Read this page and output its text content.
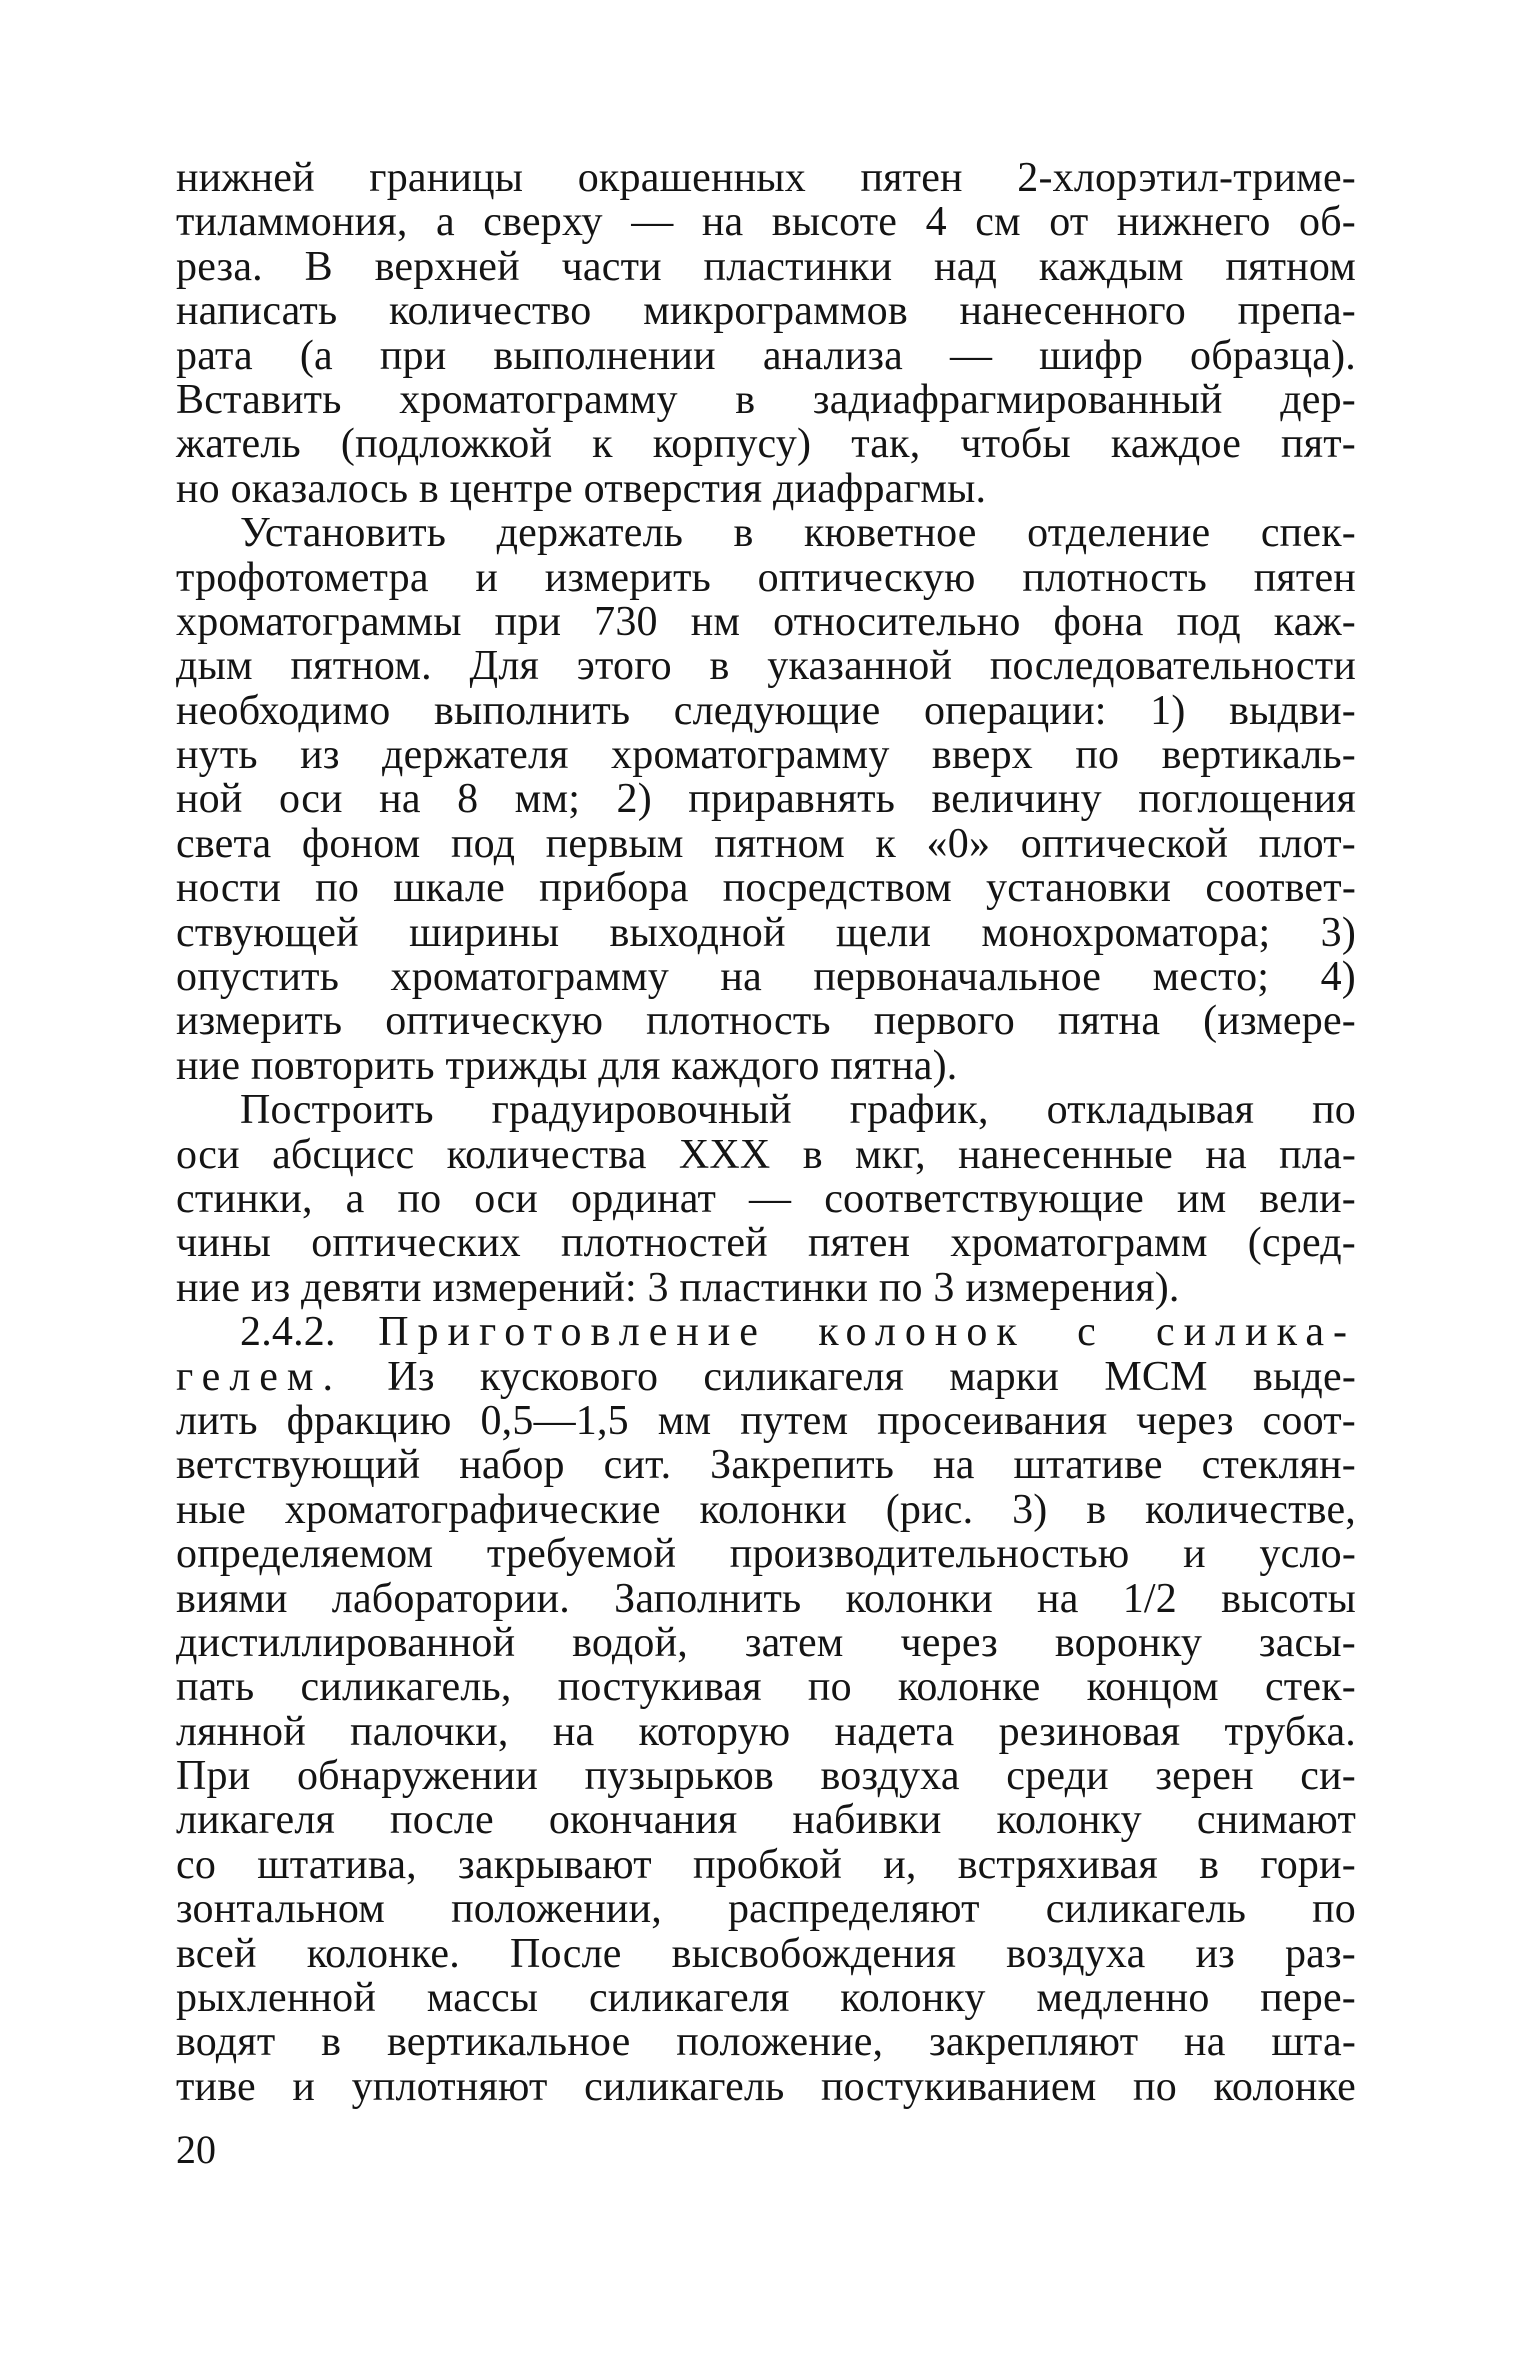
нижней границы окрашенных пятен 2-хлорэтил-триме-
тиламмония, а сверху — на высоте 4 см от нижнего об-
реза. В верхней части пластинки над каждым пятном
написать количество микрограммов нанесенного препа-
рата (а при выполнении анализа — шифр образца).
Вставить хроматограмму в задиафрагмированный дер-
жатель (подложкой к корпусу) так, чтобы каждое пят-
но оказалось в центре отверстия диафрагмы.
Установить держатель в кюветное отделение спек-
трофотометра и измерить оптическую плотность пятен
хроматограммы при 730 нм относительно фона под каж-
дым пятном. Для этого в указанной последовательности
необходимо выполнить следующие операции: 1) выдви-
нуть из держателя хроматограмму вверх по вертикаль-
ной оси на 8 мм; 2) приравнять величину поглощения
света фоном под первым пятном к «0» оптической плот-
ности по шкале прибора посредством установки соответ-
ствующей ширины выходной щели монохроматора; 3)
опустить хроматограмму на первоначальное место; 4)
измерить оптическую плотность первого пятна (измере-
ние повторить трижды для каждого пятна).
Построить градуировочный график, откладывая по
оси абсцисс количества XXX в мкг, нанесенные на пла-
стинки, а по оси ординат — соответствующие им вели-
чины оптических плотностей пятен хроматограмм (сред-
ние из девяти измерений: 3 пластинки по 3 измерения).
2.4.2. Приготовление колонок с силика-
гелем. Из кускового силикагеля марки МСМ выде-
лить фракцию 0,5—1,5 мм путем просеивания через соот-
ветствующий набор сит. Закрепить на штативе стеклян-
ные хроматографические колонки (рис. 3) в количестве,
определяемом требуемой производительностью и усло-
виями лаборатории. Заполнить колонки на 1/2 высоты
дистиллированной водой, затем через воронку засы-
пать силикагель, постукивая по колонке концом стек-
лянной палочки, на которую надета резиновая трубка.
При обнаружении пузырьков воздуха среди зерен си-
ликагеля после окончания набивки колонку снимают
со штатива, закрывают пробкой и, встряхивая в гори-
зонтальном положении, распределяют силикагель по
всей колонке. После высвобождения воздуха из раз-
рыхленной массы силикагеля колонку медленно пере-
водят в вертикальное положение, закрепляют на шта-
тиве и уплотняют силикагель постукиванием по колонке
20
